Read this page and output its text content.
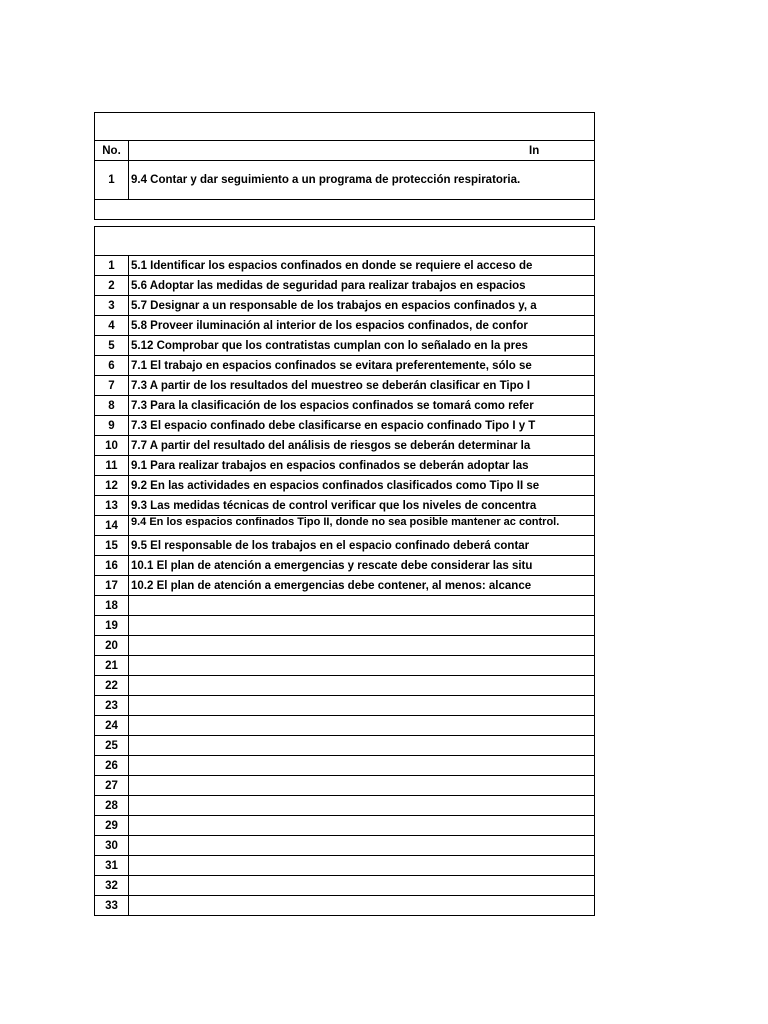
No.	In
1	9.4 Contar y dar seguimiento a un programa de protección respiratoria.

1	5.1 Identificar los espacios confinados en donde se requiere el acceso de
2	5.6 Adoptar las medidas de seguridad para realizar trabajos en espacios
3	5.7 Designar a un responsable de los trabajos en espacios confinados y, a
4	5.8 Proveer iluminación al interior de los espacios confinados, de confor
5	5.12 Comprobar que los contratistas cumplan con lo señalado en la pres
6	7.1 El trabajo en espacios confinados se evitara preferentemente, sólo se
7	7.3 A partir de los resultados del muestreo se deberán clasificar en Tipo I
8	7.3 Para la clasificación de los espacios confinados se tomará como refer
9	7.3 El espacio confinado debe clasificarse en espacio confinado Tipo I y T
10	7.7 A partir del resultado del análisis de riesgos se deberán determinar la
11	9.1 Para realizar trabajos en espacios confinados se deberán adoptar las
12	9.2 En las actividades en espacios confinados clasificados como Tipo II se
13	9.3 Las medidas técnicas de control verificar que los niveles de concentra
14	9.4 En los espacios confinados Tipo II, donde no sea posible mantener ac control.

15	9.5 El responsable de los trabajos en el espacio confinado deberá contar
16	10.1 El plan de atención a emergencias y rescate debe considerar las situ
17	10.2 El plan de atención a emergencias debe contener, al menos: alcance
18	
19	
20	
21	
22	
23	
24	
25	
26	
27	
28	
29	
30	
31	
32	
33	
